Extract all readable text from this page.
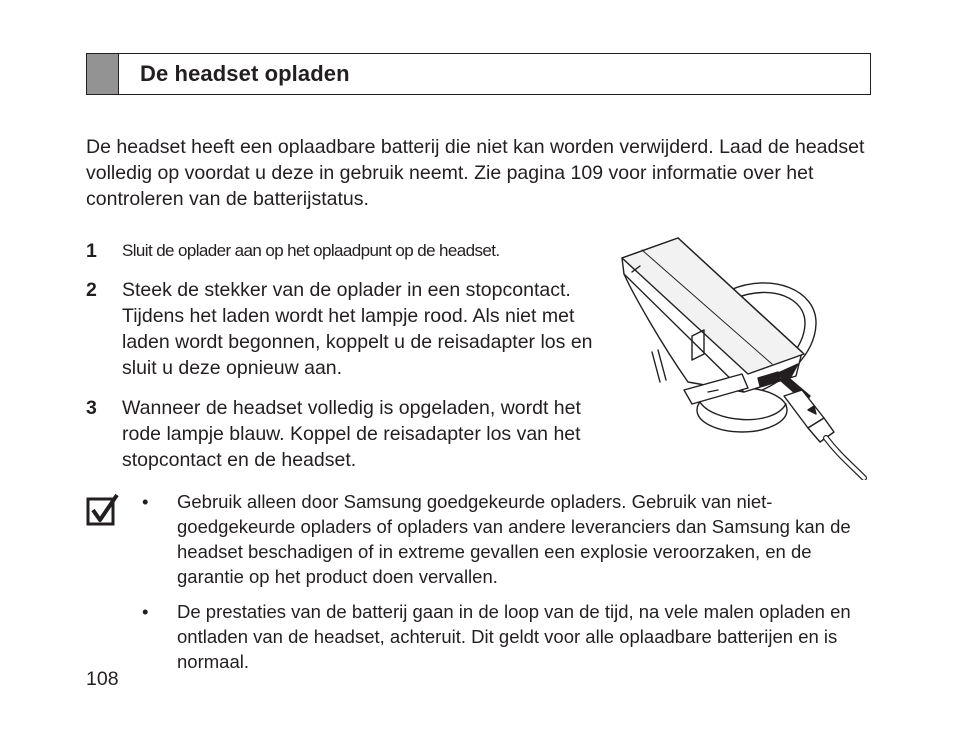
De headset opladen
De headset heeft een oplaadbare batterij die niet kan worden verwijderd. Laad de headset volledig op voordat u deze in gebruik neemt. Zie pagina 109 voor informatie over het controleren van de batterijstatus.
1	Sluit de oplader aan op het oplaadpunt op de headset.
2	Steek de stekker van de oplader in een stopcontact. Tijdens het laden wordt het lampje rood. Als niet met laden wordt begonnen, koppelt u de reisadapter los en sluit u deze opnieuw aan.
3	Wanneer de headset volledig is opgeladen, wordt het rode lampje blauw. Koppel de reisadapter los van het stopcontact en de headset.
•	Gebruik alleen door Samsung goedgekeurde opladers. Gebruik van niet-goedgekeurde opladers of opladers van andere leveranciers dan Samsung kan de headset beschadigen of in extreme gevallen een explosie veroorzaken, en de garantie op het product doen vervallen.
•	De prestaties van de batterij gaan in de loop van de tijd, na vele malen opladen en ontladen van de headset, achteruit. Dit geldt voor alle oplaadbare batterijen en is normaal.
108
